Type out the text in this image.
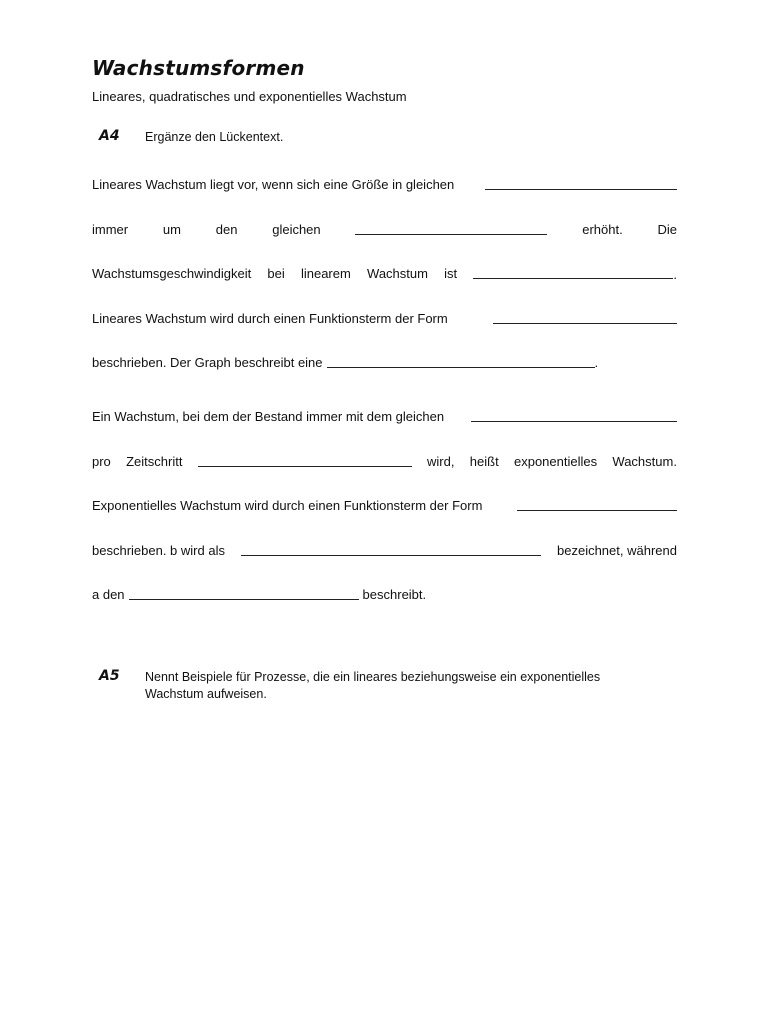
Wachstumsformen
Lineares, quadratisches und exponentielles Wachstum
A4 Ergänze den Lückentext.
Lineares Wachstum liegt vor, wenn sich eine Größe in gleichen
immer	um	den	gleichen	erhöht.	Die
Wachstumsgeschwindigkeit bei linearem Wachstum ist	.
Lineares Wachstum wird durch einen Funktionsterm der Form
beschrieben. Der Graph beschreibt eine	.
Ein Wachstum, bei dem der Bestand immer mit dem gleichen
pro Zeitschritt	wird, heißt exponentielles Wachstum.
Exponentielles Wachstum wird durch einen Funktionsterm der Form
beschrieben. b wird als	bezeichnet, während
a den	beschreibt.
A5 Nennt Beispiele für Prozesse, die ein lineares beziehungsweise ein exponentielles Wachstum aufweisen.
